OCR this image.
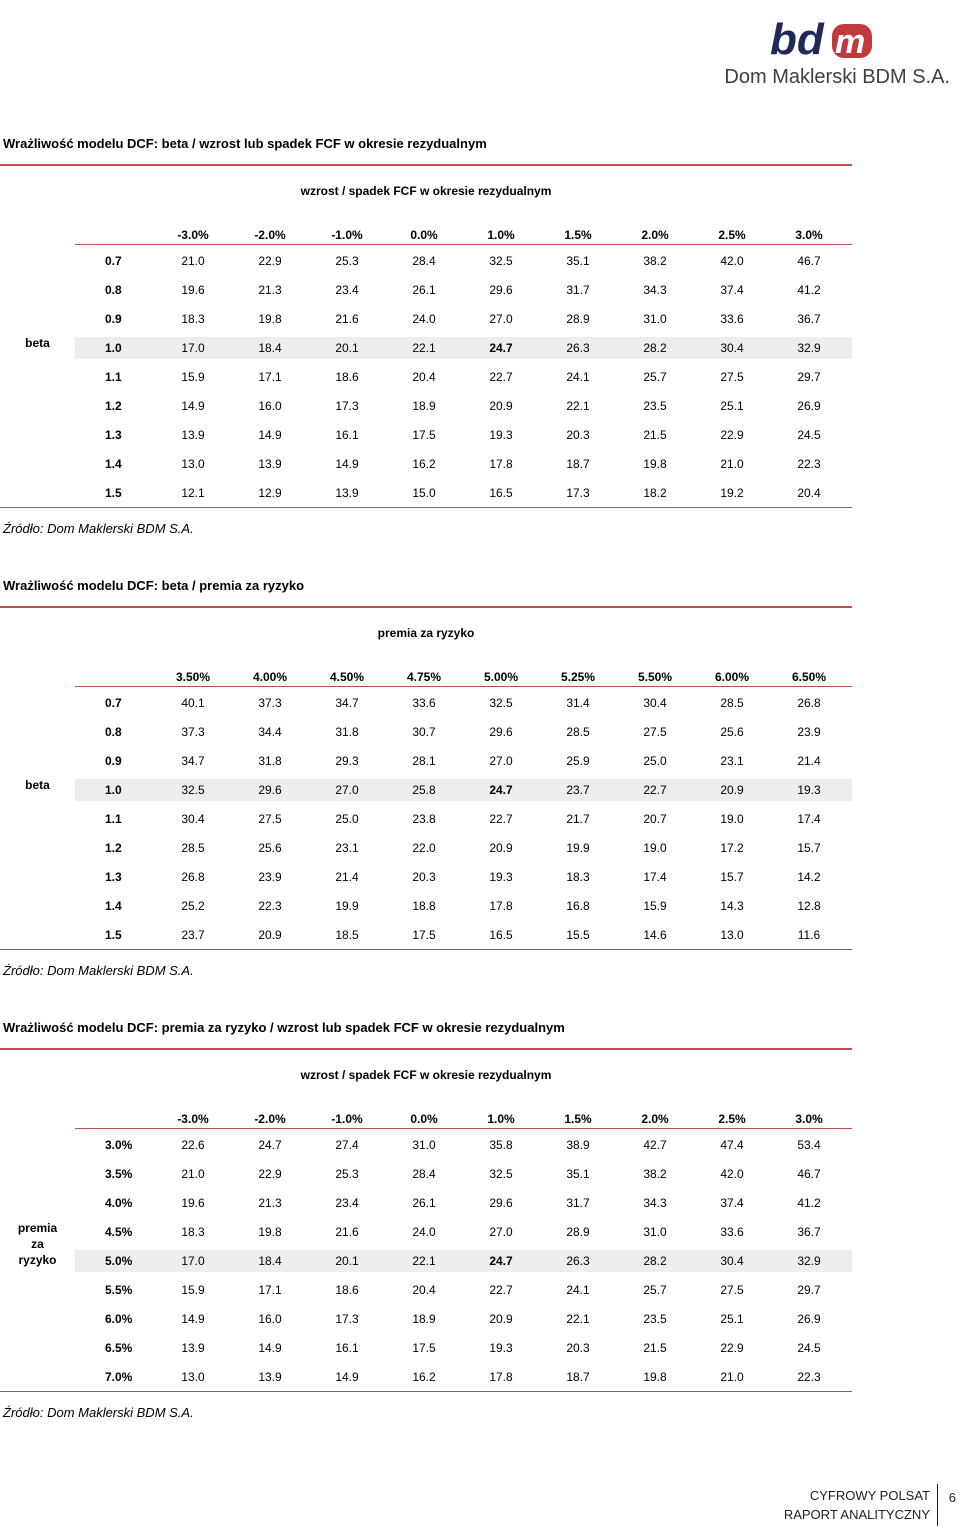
bd m
Dom Maklerski BDM S.A.
Wrażliwość modelu DCF: beta / wzrost lub spadek FCF w okresie rezydualnym
wzrost / spadek FCF w okresie rezydualnym
-3.0%	-2.0%	-1.0%	0.0%	1.0%	1.5%	2.0%	2.5%	3.0%
0.7	21.0	22.9	25.3	28.4	32.5	35.1	38.2	42.0	46.7
0.8	19.6	21.3	23.4	26.1	29.6	31.7	34.3	37.4	41.2
0.9	18.3	19.8	21.6	24.0	27.0	28.9	31.0	33.6	36.7
1.0	17.0	18.4	20.1	22.1	24.7	26.3	28.2	30.4	32.9
1.1	15.9	17.1	18.6	20.4	22.7	24.1	25.7	27.5	29.7
1.2	14.9	16.0	17.3	18.9	20.9	22.1	23.5	25.1	26.9
1.3	13.9	14.9	16.1	17.5	19.3	20.3	21.5	22.9	24.5
1.4	13.0	13.9	14.9	16.2	17.8	18.7	19.8	21.0	22.3
1.5	12.1	12.9	13.9	15.0	16.5	17.3	18.2	19.2	20.4
beta
Źródło: Dom Maklerski BDM S.A.
Wrażliwość modelu DCF: beta / premia za ryzyko
premia za ryzyko
3.50%	4.00%	4.50%	4.75%	5.00%	5.25%	5.50%	6.00%	6.50%
0.7	40.1	37.3	34.7	33.6	32.5	31.4	30.4	28.5	26.8
0.8	37.3	34.4	31.8	30.7	29.6	28.5	27.5	25.6	23.9
0.9	34.7	31.8	29.3	28.1	27.0	25.9	25.0	23.1	21.4
1.0	32.5	29.6	27.0	25.8	24.7	23.7	22.7	20.9	19.3
1.1	30.4	27.5	25.0	23.8	22.7	21.7	20.7	19.0	17.4
1.2	28.5	25.6	23.1	22.0	20.9	19.9	19.0	17.2	15.7
1.3	26.8	23.9	21.4	20.3	19.3	18.3	17.4	15.7	14.2
1.4	25.2	22.3	19.9	18.8	17.8	16.8	15.9	14.3	12.8
1.5	23.7	20.9	18.5	17.5	16.5	15.5	14.6	13.0	11.6
beta
Źródło: Dom Maklerski BDM S.A.
Wrażliwość modelu DCF: premia za ryzyko / wzrost lub spadek FCF w okresie rezydualnym
wzrost / spadek FCF w okresie rezydualnym
-3.0%	-2.0%	-1.0%	0.0%	1.0%	1.5%	2.0%	2.5%	3.0%
3.0%	22.6	24.7	27.4	31.0	35.8	38.9	42.7	47.4	53.4
3.5%	21.0	22.9	25.3	28.4	32.5	35.1	38.2	42.0	46.7
4.0%	19.6	21.3	23.4	26.1	29.6	31.7	34.3	37.4	41.2
4.5%	18.3	19.8	21.6	24.0	27.0	28.9	31.0	33.6	36.7
5.0%	17.0	18.4	20.1	22.1	24.7	26.3	28.2	30.4	32.9
5.5%	15.9	17.1	18.6	20.4	22.7	24.1	25.7	27.5	29.7
6.0%	14.9	16.0	17.3	18.9	20.9	22.1	23.5	25.1	26.9
6.5%	13.9	14.9	16.1	17.5	19.3	20.3	21.5	22.9	24.5
7.0%	13.0	13.9	14.9	16.2	17.8	18.7	19.8	21.0	22.3
premia
za
ryzyko
Źródło: Dom Maklerski BDM S.A.
CYFROWY POLSAT
RAPORT ANALITYCZNY
6
